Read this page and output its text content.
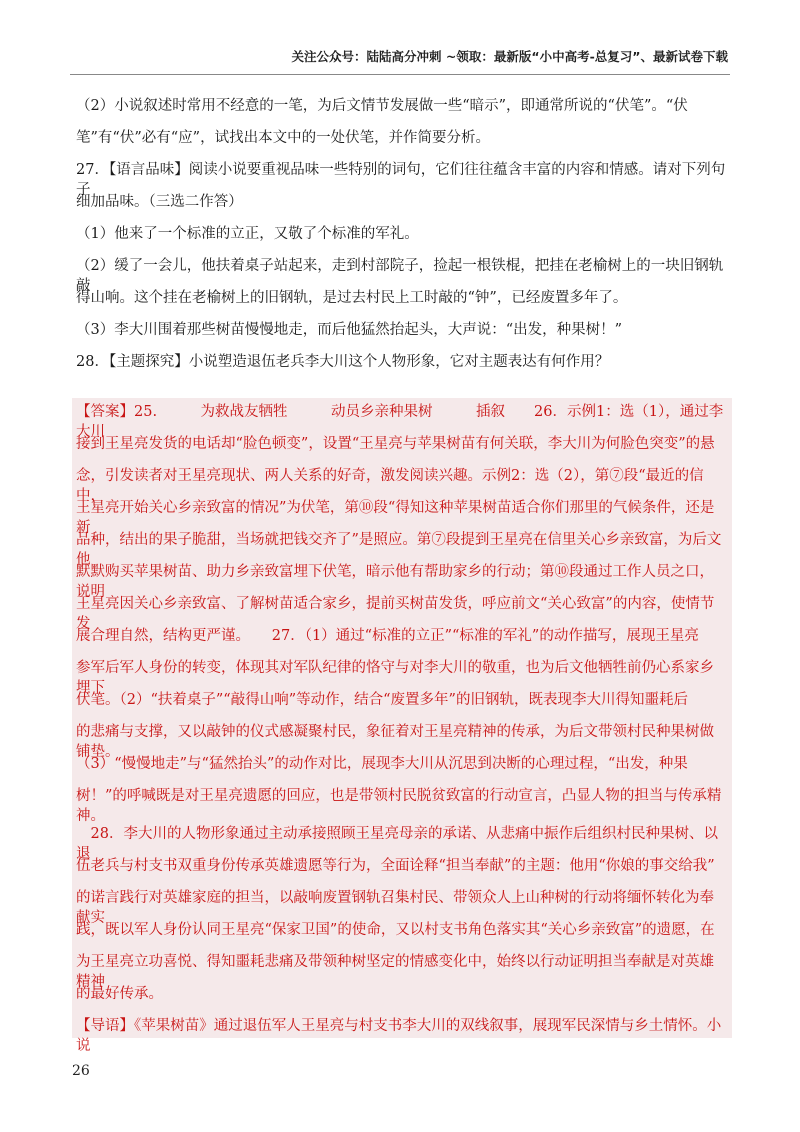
关注公众号：陆陆高分冲刺 ~领取：最新版“小中高考-总复习”、最新试卷下载
（2）小说叙述时常用不经意的一笔，为后文情节发展做一些“暗示”，即通常所说的“伏笔”。“伏
笔”有“伏”必有“应”，试找出本文中的一处伏笔，并作简要分析。
27．【语言品味】阅读小说要重视品味一些特别的词句，它们往往蕴含丰富的内容和情感。请对下列句子
细加品味。（三选二作答）
（1）他来了一个标准的立正，又敬了个标准的军礼。
（2）缓了一会儿，他扶着桌子站起来，走到村部院子，捡起一根铁棍，把挂在老榆树上的一块旧钢轨敲
得山响。这个挂在老榆树上的旧钢轨，是过去村民上工时敲的“钟”，已经废置多年了。
（3）李大川围着那些树苗慢慢地走，而后他猛然抬起头，大声说：“出发，种果树！”
28．【主题探究】小说塑造退伍老兵李大川这个人物形象，它对主题表达有何作用？
【答案】25.　　　为救战友牺牲　　　动员乡亲种果树　　　插叙　　26．示例1：选（1），通过李大川
接到王星亮发货的电话却“脸色顿变”，设置“王星亮与苹果树苗有何关联，李大川为何脸色突变”的悬
念，引发读者对王星亮现状、两人关系的好奇，激发阅读兴趣。示例2：选（2），第⑦段“最近的信中，
王星亮开始关心乡亲致富的情况”为伏笔，第⑩段“得知这种苹果树苗适合你们那里的气候条件，还是新
品种，结出的果子脆甜，当场就把钱交齐了”是照应。第⑦段提到王星亮在信里关心乡亲致富，为后文他
默默购买苹果树苗、助力乡亲致富埋下伏笔，暗示他有帮助家乡的行动；第⑩段通过工作人员之口，说明
王星亮因关心乡亲致富、了解树苗适合家乡，提前买树苗发货，呼应前文“关心致富”的内容，使情节发
展合理自然，结构更严谨。　　27．（1）通过“标准的立正”“标准的军礼”的动作描写，展现王星亮
参军后军人身份的转变，体现其对军队纪律的恪守与对李大川的敬重，也为后文他牺牲前仍心系家乡埋下
伏笔。（2）“扶着桌子”“敲得山响”等动作，结合“废置多年”的旧钢轨，既表现李大川得知噩耗后
的悲痛与支撑，又以敲钟的仪式感凝聚村民，象征着对王星亮精神的传承，为后文带领村民种果树做铺垫。
（3）“慢慢地走”与“猛然抬头”的动作对比，展现李大川从沉思到决断的心理过程，“出发，种果
树！”的呼喊既是对王星亮遗愿的回应，也是带领村民脱贫致富的行动宣言，凸显人物的担当与传承精神。
　28．李大川的人物形象通过主动承接照顾王星亮母亲的承诺、从悲痛中振作后组织村民种果树、以退
伍老兵与村支书双重身份传承英雄遗愿等行为，全面诠释“担当奉献”的主题：他用“你娘的事交给我”
的诺言践行对英雄家庭的担当，以敲响废置钢轨召集村民、带领众人上山种树的行动将缅怀转化为奉献实
践，既以军人身份认同王星亮“保家卫国”的使命，又以村支书角色落实其“关心乡亲致富”的遗愿，在
为王星亮立功喜悦、得知噩耗悲痛及带领种树坚定的情感变化中，始终以行动证明担当奉献是对英雄精神
的最好传承。
【导语】《苹果树苗》通过退伍军人王星亮与村支书李大川的双线叙事，展现军民深情与乡土情怀。小说
26
